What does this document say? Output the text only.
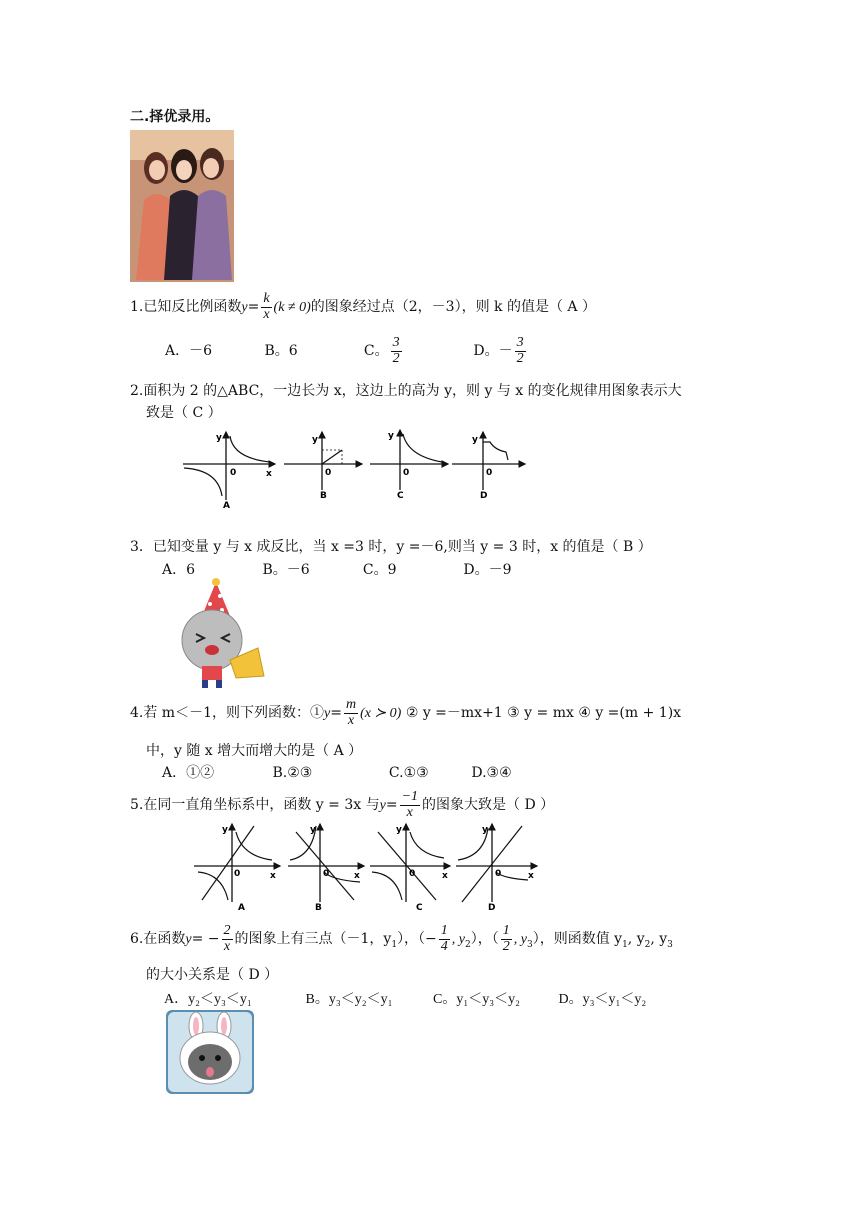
二.择优录用。
1.已知反比例函数$y= \frac{k}{x} (k \ne 0)$的图象经过点（2，－3），则 k 的值是（ A ）
A．－6	B。6	C。 $\frac{3}{2}$	D。－ $\frac{3}{2}$
2.面积为 2 的△ABC，一边长为 x，这边上的高为 y，则 y 与 x 的变化规律用图象表示大
致是（ C ）
y
0	x
A
y
0
B
y
0
C
y
0
D
3．已知变量 y 与 x 成反比，当 x =3 时，y =－6,则当 y = 3 时，x 的值是（ B ）
A．6	B。－6	C。9	D。－9
4.若 m＜－1，则下列函数：①y= $\frac{m}{x} (x$ ≻ 0) ② y =－mx+1 ③ y = mx ④ y =(m + 1)x
中，y 随 x 增大而增大的是（ A ）
A．①②	B.②③	C.①③	D.③④
5.在同一直角坐标系中，函数 y = 3x 与$y= \frac{-1}{x}$ 的图象大致是（ D ）
y
0	x
A
y
0	x
B
y
0	x
C
y
0	x
D
6.在函数$y= - \frac{2}{x}$ 的图象上有三点（－1，$y_1$），（− $\frac{1}{4}$ , $y_2$），（ $\frac{1}{2}$ , $y_3$），则函数值 $y_1$, $y_2$, $y_3$
的大小关系是（ D ）
A．y₂＜y₃＜y₁	B。y₃＜y₂＜y₁	C。y₁＜y₃＜y₂	D。y₃＜y₁＜y₂
